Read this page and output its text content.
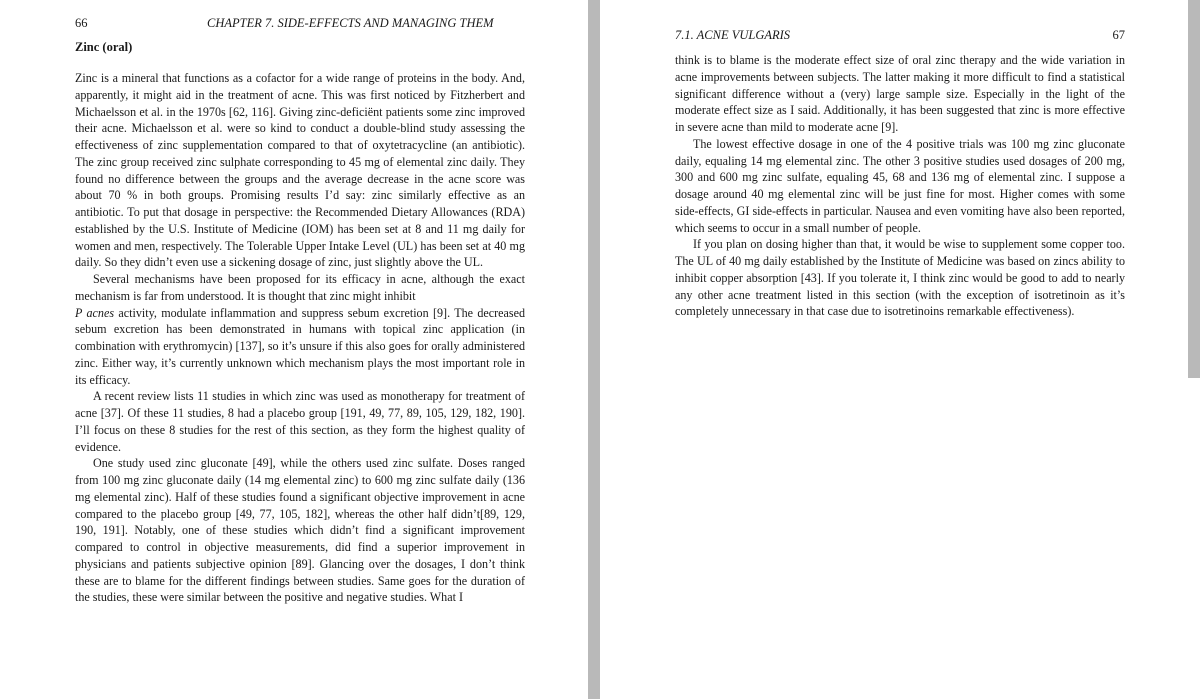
66	CHAPTER 7. SIDE-EFFECTS AND MANAGING THEM
Zinc (oral)

Zinc is a mineral that functions as a cofactor for a wide range of proteins in the body. And, apparently, it might aid in the treatment of acne. This was first noticed by Fitzherbert and Michaelsson et al. in the 1970s [62, 116]. Giving zinc-deficiënt patients some zinc improved their acne. Michaelsson et al. were so kind to conduct a double-blind study assessing the effectiveness of zinc supplementation compared to that of oxytetracycline (an antibiotic). The zinc group received zinc sulphate corresponding to 45 mg of elemental zinc daily. They found no difference between the groups and the average decrease in the acne score was about 70 % in both groups. Promising results I’d say: zinc similarly effective as an antibiotic. To put that dosage in perspective: the Recommended Dietary Allowances (RDA) established by the U.S. Institute of Medicine (IOM) has been set at 8 and 11 mg daily for women and men, respectively. The Tolerable Upper Intake Level (UL) has been set at 40 mg daily. So they didn’t even use a sickening dosage of zinc, just slightly above the UL.

Several mechanisms have been proposed for its efficacy in acne, although the exact mechanism is far from understood. It is thought that zinc might inhibit
P acnes activity, modulate inflammation and suppress sebum excretion [9]. The decreased sebum excretion has been demonstrated in humans with topical zinc application (in combination with erythromycin) [137], so it’s unsure if this also goes for orally administered zinc. Either way, it’s currently unknown which mechanism plays the most important role in its efficacy.

A recent review lists 11 studies in which zinc was used as monotherapy for treatment of acne [37]. Of these 11 studies, 8 had a placebo group [191, 49, 77, 89, 105, 129, 182, 190]. I’ll focus on these 8 studies for the rest of this section, as they form the highest quality of evidence.

One study used zinc gluconate [49], while the others used zinc sulfate. Doses ranged from 100 mg zinc gluconate daily (14 mg elemental zinc) to 600 mg zinc sulfate daily (136 mg elemental zinc). Half of these studies found a significant objective improvement in acne compared to the placebo group [49, 77, 105, 182], whereas the other half didn’t[89, 129, 190, 191]. Notably, one of these studies which didn’t find a significant improvement compared to control in objective measurements, did find a superior improvement in physicians and patients subjective opinion [89]. Glancing over the dosages, I don’t think these are to blame for the different findings between studies. Same goes for the duration of the studies, these were similar between the positive and negative studies. What I

7.1. ACNE VULGARIS	67

think is to blame is the moderate effect size of oral zinc therapy and the wide variation in acne improvements between subjects. The latter making it more difficult to find a statistical significant difference without a (very) large sample size. Especially in the light of the moderate effect size as I said. Additionally, it has been suggested that zinc is more effective in severe acne than mild to moderate acne [9].

The lowest effective dosage in one of the 4 positive trials was 100 mg zinc gluconate daily, equaling 14 mg elemental zinc. The other 3 positive studies used dosages of 200 mg, 300 and 600 mg zinc sulfate, equaling 45, 68 and 136 mg of elemental zinc. I suppose a dosage around 40 mg elemental zinc will be just fine for most. Higher comes with some side-effects, GI side-effects in particular. Nausea and even vomiting have also been reported, which seems to occur in a small number of people.

If you plan on dosing higher than that, it would be wise to supplement some copper too. The UL of 40 mg daily established by the Institute of Medicine was based on zincs ability to inhibit copper absorption [43]. If you tolerate it, I think zinc would be good to add to nearly any other acne treatment listed in this section (with the exception of isotretinoin as it’s completely unnecessary in that case due to isotretinoins remarkable effectiveness).
